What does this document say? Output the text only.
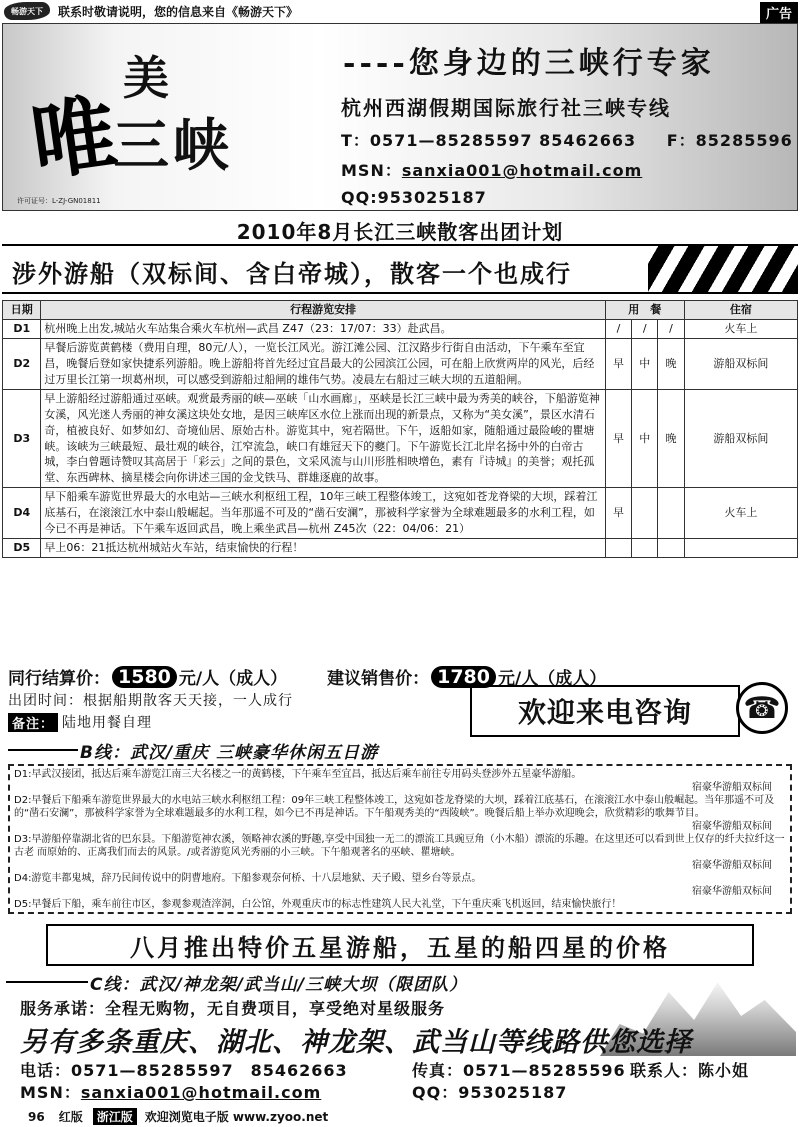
畅游天下	联系时敬请说明，您的信息来自《畅游天下》	广告
美
唯
三峡
许可证号：L-ZJ-GN01811
----您身边的三峡行专家
杭州西湖假期国际旅行社三峡专线
T：0571—85285597 85462663 F：85285596
MSN：sanxia001@hotmail.com
QQ:953025187
2010年8月长江三峡散客出团计划
涉外游船（双标间、含白帝城），散客一个也成行
日期	行程游览安排	用　餐			住宿
D1	杭州晚上出发,城站火车站集合乘火车杭州—武昌 Z47（23：17/07：33）赴武昌。	/	/	/	火车上
D2	早餐后游览黄鹤楼（费用自理，80元/人），一览长江风光。游江滩公园、江汉路步行街自由活动，下午乘车至宜昌，晚餐后登如家快捷系列游船。晚上游船将首先经过宜昌最大的公园滨江公园，可在船上欣赏两岸的风光，后经过万里长江第一坝葛州坝，可以感受到游船过船闸的雄伟气势。凌晨左右船过三峡大坝的五道船闸。	早	中	晚	游船双标间
D3	早上游船经过游船通过巫峡。观赏最秀丽的峡—巫峡「山水画廊」，巫峡是长江三峡中最为秀美的峡谷，下船游览神女溪，风光迷人秀丽的神女溪这块处女地，是因三峡库区水位上涨而出现的新景点，又称为“美女溪”，景区水清石奇，植被良好、如梦如幻、奇境仙居、原始古朴。游览其中，宛若隔世。下午，返船如家，随船通过最险峻的瞿塘峡。该峡为三峡最短、最壮观的峡谷，江窄流急，峡口有雄冠天下的夔门。下午游览长江北岸名扬中外的白帝古城，李白曾题诗赞叹其高居于「彩云」之间的景色，文采风流与山川形胜相映增色，素有『诗城』的美誉；观托孤堂、东西碑林、摘星楼会向你讲述三国的金戈铁马、群雄逐鹿的故事。	早	中	晚	游船双标间
D4	早下船乘车游览世界最大的水电站—三峡水利枢纽工程，10年三峡工程整体竣工，这宛如苍龙脊梁的大坝，踩着江底基石，在滚滚江水中泰山般崛起。当年那遥不可及的“凿石安澜”，那被科学家誉为全球难题最多的水利工程，如今已不再是神话。下午乘车返回武昌，晚上乘坐武昌—杭州 Z45次（22：04/06：21）	早			火车上
D5	早上06：21抵达杭州城站火车站，结束愉快的行程！				
同行结算价： 1580 元/人（成人） 建议销售价： 1780 元/人（成人）
出团时间：根据船期散客天天接，一人成行
备注： 陆地用餐自理	欢迎来电咨询	☎
B线：武汉/重庆 三峡豪华休闲五日游

D1:早武汉接团，抵达后乘车游览江南三大名楼之一的黄鹤楼，下午乘车至宜昌，抵达后乘车前往专用码头登涉外五星豪华游船。

宿豪华游船双标间

D2:早餐后下船乘车游览世界最大的水电站三峡水利枢纽工程：09年三峡工程整体竣工，这宛如苍龙脊梁的大坝，踩着江底基石，在滚滚江水中泰山般崛起。当年那遥不可及的“凿石安澜”，那被科学家誉为全球难题最多的水利工程，如今已不再是神话。下午船观秀美的“西陵峡”。晚餐后船上举办欢迎晚会，欣赏精彩的歌舞节目。

宿豪华游船双标间

D3:早游船停靠湖北省的巴东县。下船游览神农溪，领略神农溪的野趣,享受中国独一无二的漂流工具豌豆角（小木船）漂流的乐趣。在这里还可以看到世上仅存的纤夫拉纤这一古老 而原始的、正离我们而去的风景。/或者游览风光秀丽的小三峡。下午船观著名的巫峡、瞿塘峡。

宿豪华游船双标间

D4:游览丰都鬼城，辞乃民间传说中的阴曹地府。下船参观奈何桥、十八层地狱、天子殿、望乡台等景点。

宿豪华游船双标间

D5:早餐后下船，乘车前往市区，参观参观渣滓洞，白公馆，外观重庆市的标志性建筑人民大礼堂，下午重庆乘飞机返回，结束愉快旅行！

八月推出特价五星游船，五星的船四星的价格
C线：武汉/神龙架/武当山/三峡大坝（限团队）
服务承诺：全程无购物，无自费项目，享受绝对星级服务
另有多条重庆、湖北、神龙架、武当山等线路供您选择
电话：0571—85285597　85462663	传真：0571—85285596 联系人：陈小姐
MSN：sanxia001@hotmail.com	QQ：953025187
96 红版	浙江版	欢迎浏览电子版 www.zyoo.net
